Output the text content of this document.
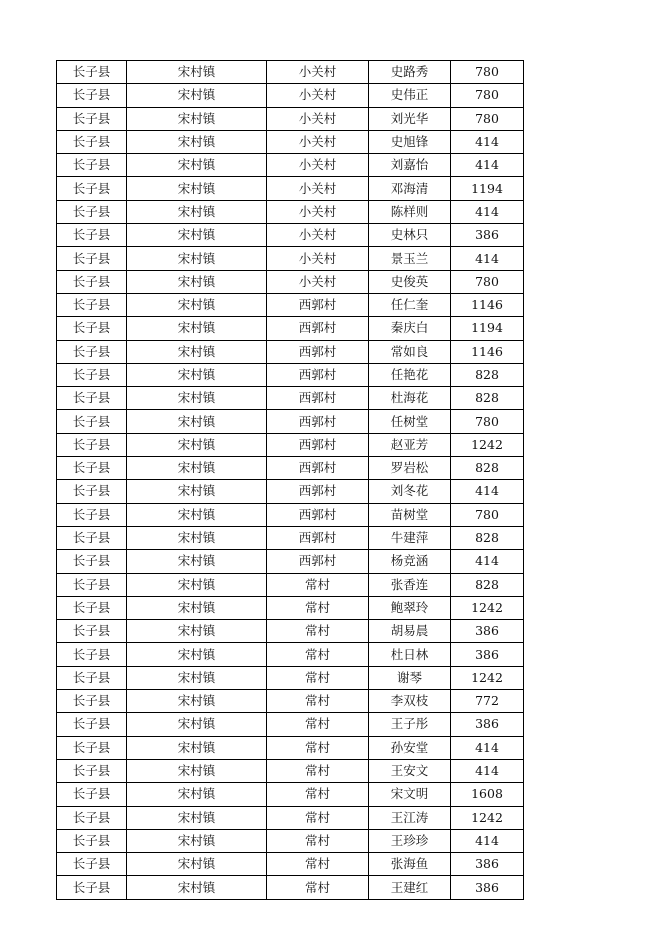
长子县	宋村镇	小关村	史路秀	780
长子县	宋村镇	小关村	史伟正	780
长子县	宋村镇	小关村	刘光华	780
长子县	宋村镇	小关村	史旭锋	414
长子县	宋村镇	小关村	刘嘉怡	414
长子县	宋村镇	小关村	邓海清	1194
长子县	宋村镇	小关村	陈样则	414
长子县	宋村镇	小关村	史林只	386
长子县	宋村镇	小关村	景玉兰	414
长子县	宋村镇	小关村	史俊英	780
长子县	宋村镇	西郭村	任仁奎	1146
长子县	宋村镇	西郭村	秦庆白	1194
长子县	宋村镇	西郭村	常如良	1146
长子县	宋村镇	西郭村	任艳花	828
长子县	宋村镇	西郭村	杜海花	828
长子县	宋村镇	西郭村	任树堂	780
长子县	宋村镇	西郭村	赵亚芳	1242
长子县	宋村镇	西郭村	罗岩松	828
长子县	宋村镇	西郭村	刘冬花	414
长子县	宋村镇	西郭村	苗树堂	780
长子县	宋村镇	西郭村	牛建萍	828
长子县	宋村镇	西郭村	杨竞涵	414
长子县	宋村镇	常村	张香连	828
长子县	宋村镇	常村	鲍翠玲	1242
长子县	宋村镇	常村	胡易晨	386
长子县	宋村镇	常村	杜日林	386
长子县	宋村镇	常村	谢琴	1242
长子县	宋村镇	常村	李双枝	772
长子县	宋村镇	常村	王子彤	386
长子县	宋村镇	常村	孙安堂	414
长子县	宋村镇	常村	王安文	414
长子县	宋村镇	常村	宋文明	1608
长子县	宋村镇	常村	王江涛	1242
长子县	宋村镇	常村	王珍珍	414
长子县	宋村镇	常村	张海鱼	386
长子县	宋村镇	常村	王建红	386
